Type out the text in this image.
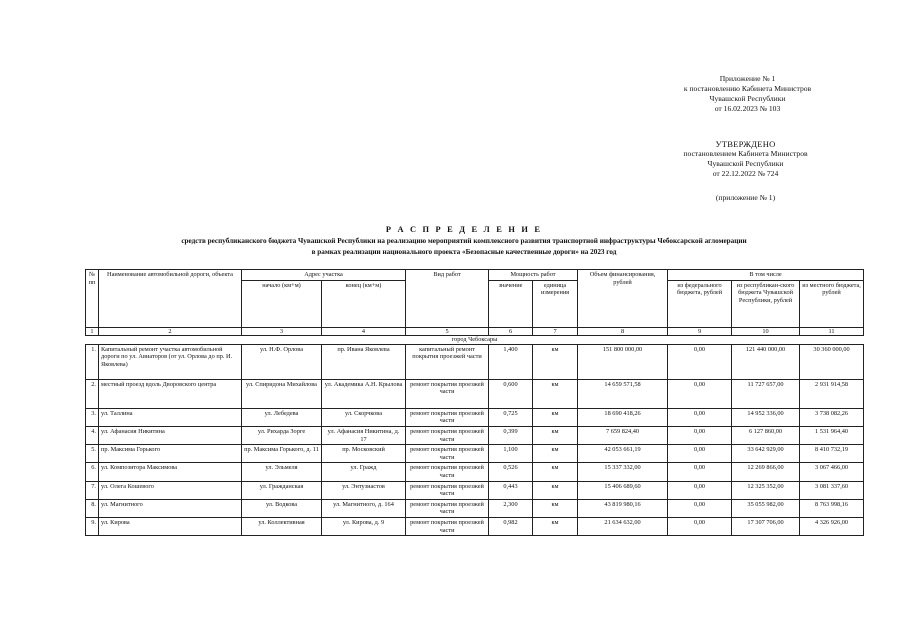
Приложение № 1
к постановлению Кабинета Министров
Чувашской Республики
от 16.02.2023 № 103
УТВЕРЖДЕНО
постановлением Кабинета Министров
Чувашской Республики
от 22.12.2022 № 724
(приложение № 1)
Р А С П Р Е Д Е Л Е Н И Е
средств республиканского бюджета Чувашской Республики на реализацию мероприятий комплексного развития транспортной инфраструктуры Чебоксарской агломерации
в рамках реализации национального проекта «Безопасные качественные дороги» на 2023 год
№ пп	Наименование автомобильной дороги, объекта	Адрес участка		Вид работ	Мощность работ		Объем финансирования, рублей	В том числе		
		начало (км+м)	конец (км+м)		значение	единица измерения		из федерального бюджета, рублей	из республикан-ского бюджета Чувашской Республики, рублей	из местного бюджета, рублей
1	2	3	4	5	6	7	8	9	10	11
город Чебоксары										
1.	Капитальный ремонт участка автомобильной дороги по ул. Авиаторов (от ул. Орлова до пр. И. Яковлева)	ул. Н.Ф. Орлова	пр. Ивана Яковлева	капитальный ремонт покрытия проезжей части	1,400	км	151 800 000,00	0,00	121 440 000,00	30 360 000,00
2.	местный проезд вдоль Дворовского центра	ул. Спиридона Михайлова	ул. Академика А.Н. Крылова	ремонт покрытия проезжей части	0,600	км	14 659 571,58	0,00	11 727 657,00	2 931 914,58
3.	ул. Таллина	ул. Лебедева	ул. Скорчкова	ремонт покрытия проезжей части	0,725	км	18 690 418,26	0,00	14 952 336,00	3 738 082,26
4.	ул. Афанасия Никитина	ул. Рихарда Зорге	ул. Афанасия Никитина, д. 17	ремонт покрытия проезжей части	0,399	км	7 659 824,40	0,00	6 127 860,00	1 531 964,40
5.	пр. Максима Горького	пр. Максима Горького, д. 11	пр. Московский	ремонт покрытия проезжей части	1,100	км	42 053 661,19	0,00	33 642 929,00	8 410 732,19
6.	ул. Композитора Максимова	ул. Эльмеля	ул. Гражд	ремонт покрытия проезжей части	0,526	км	15 337 332,00	0,00	12 269 866,00	3 067 466,00
7.	ул. Олега Кошевого	ул. Гражданская	ул. Энтузиастов	ремонт покрытия проезжей части	0,443	км	15 406 689,60	0,00	12 325 352,00	3 081 337,60
8.	ул. Магнитного	ул. Водкова	ул. Магнитного, д. 164	ремонт покрытия проезжей части	2,300	км	43 819 980,16	0,00	35 055 982,00	8 763 998,16
9.	ул. Кирова	ул. Коллективная	ул. Кирова, д. 9	ремонт покрытия проезжей части	0,982	км	21 634 632,00	0,00	17 307 706,00	4 326 926,00
